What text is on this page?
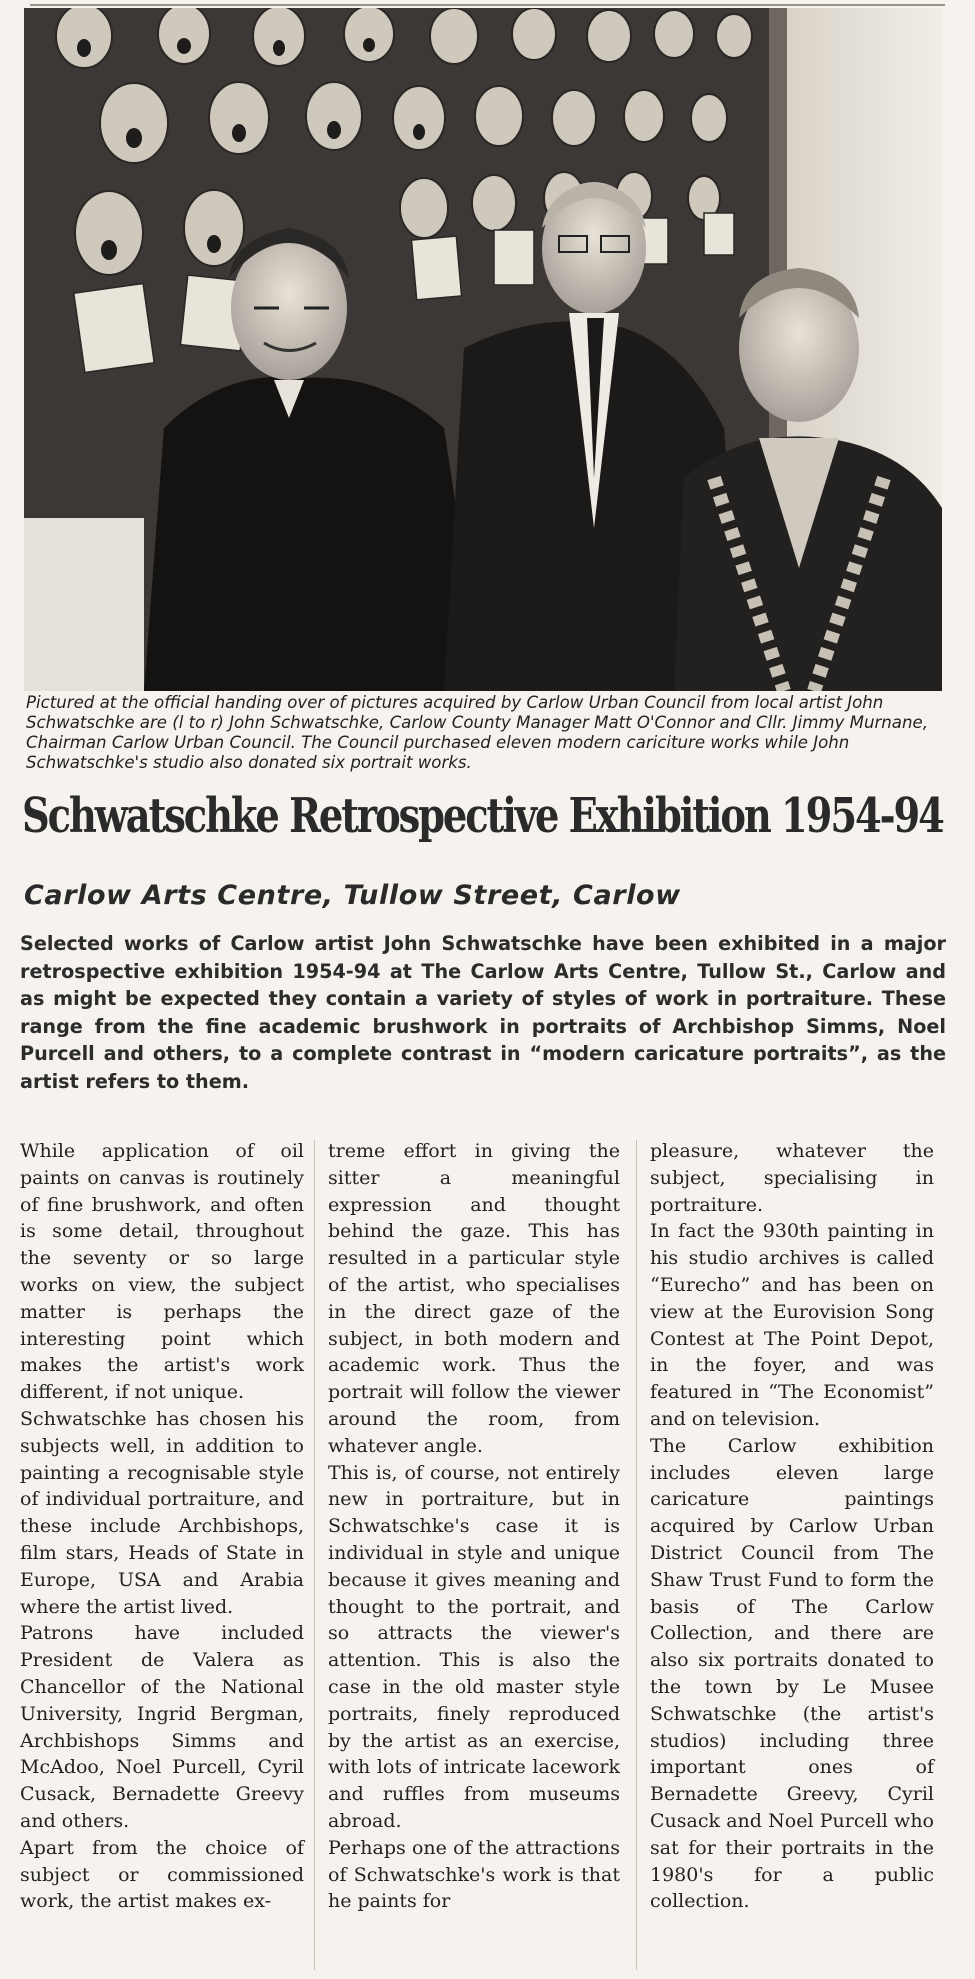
Pictured at the official handing over of pictures acquired by Carlow Urban Council from local artist John Schwatschke are (l to r) John Schwatschke, Carlow County Manager Matt O'Connor and Cllr. Jimmy Murnane, Chairman Carlow Urban Council. The Council purchased eleven modern cariciture works while John Schwatschke's studio also donated six portrait works.
Schwatschke Retrospective Exhibition 1954-94
Carlow Arts Centre, Tullow Street, Carlow
Selected works of Carlow artist John Schwatschke have been exhibited in a major retrospective exhibition 1954-94 at The Carlow Arts Centre, Tullow St., Carlow and as might be expected they contain a variety of styles of work in portraiture. These range from the fine academic brushwork in portraits of Archbishop Simms, Noel Purcell and others, to a complete contrast in “modern caricature portraits”, as the artist refers to them.

While application of oil paints on canvas is routinely of fine brushwork, and often is some detail, throughout the seventy or so large works on view, the subject matter is perhaps the interesting point which makes the artist's work different, if not unique.

Schwatschke has chosen his subjects well, in addition to painting a recognisable style of individual portraiture, and these include Archbishops, film stars, Heads of State in Europe, USA and Arabia where the artist lived.

Patrons have included President de Valera as Chancellor of the National University, Ingrid Bergman, Archbishops Simms and McAdoo, Noel Purcell, Cyril Cusack, Bernadette Greevy and others.

Apart from the choice of subject or commissioned work, the artist makes ex-

treme effort in giving the sitter a meaningful expression and thought behind the gaze. This has resulted in a particular style of the artist, who specialises in the direct gaze of the subject, in both modern and academic work. Thus the portrait will follow the viewer around the room, from whatever angle.

This is, of course, not entirely new in portraiture, but in Schwatschke's case it is individual in style and unique because it gives meaning and thought to the portrait, and so attracts the viewer's attention. This is also the case in the old master style portraits, finely reproduced by the artist as an exercise, with lots of intricate lacework and ruffles from museums abroad.

Perhaps one of the attractions of Schwatschke's work is that he paints for

pleasure, whatever the subject, specialising in portraiture.

In fact the 930th painting in his studio archives is called “Eurecho” and has been on view at the Eurovision Song Contest at The Point Depot, in the foyer, and was featured in “The Economist” and on television.

The Carlow exhibition includes eleven large caricature paintings acquired by Carlow Urban District Council from The Shaw Trust Fund to form the basis of The Carlow Collection, and there are also six portraits donated to the town by Le Musee Schwatschke (the artist's studios) including three important ones of Bernadette Greevy, Cyril Cusack and Noel Purcell who sat for their portraits in the 1980's for a public collection.
